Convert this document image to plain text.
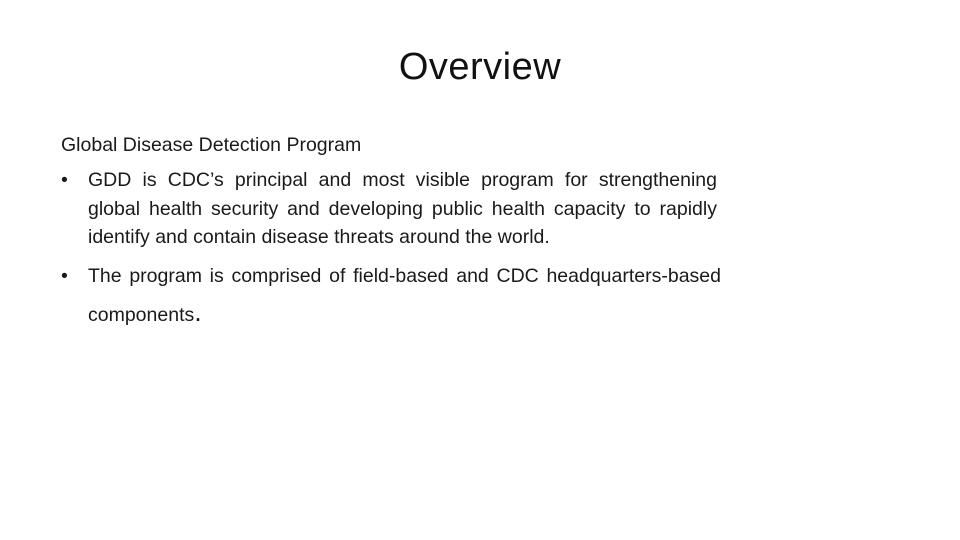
Overview

Global Disease Detection Program

•	GDD is CDC’s principal and most visible program for strengthening global health security and developing public health capacity to rapidly identify and contain disease threats around the world.
•	The program is comprised of field-based and CDC headquarters-based components.
